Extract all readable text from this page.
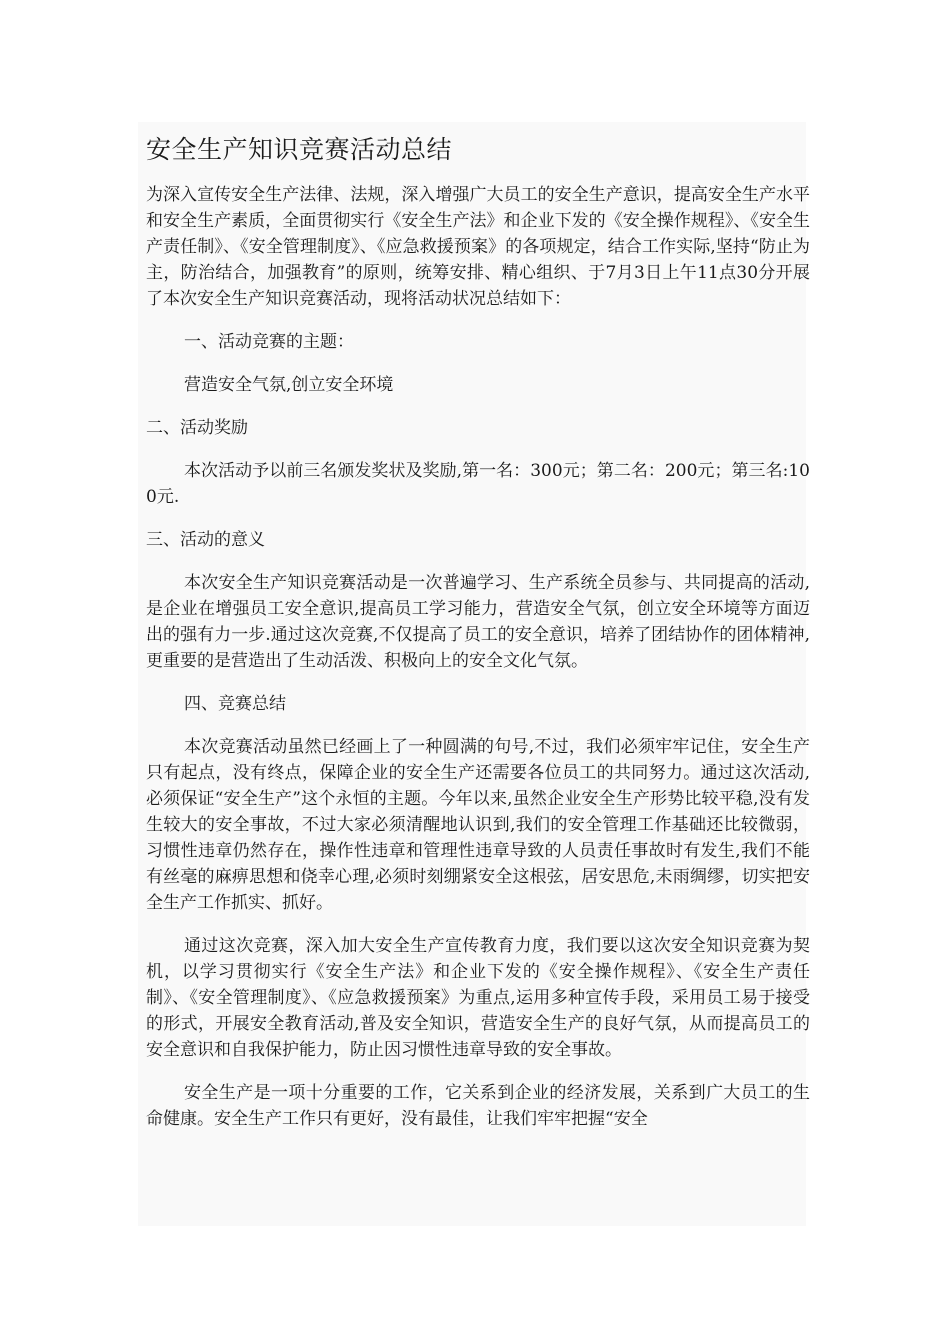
安全生产知识竞赛活动总结

为深入宣传安全生产法律、法规，深入增强广大员工的安全生产意识，提高安全生产水平和安全生产素质，全面贯彻实行《安全生产法》和企业下发的《安全操作规程》、《安全生产责任制》、《安全管理制度》、《应急救援预案》的各项规定，结合工作实际,坚持“防止为主，防治结合，加强教育”的原则，统筹安排、精心组织、于7月3日上午11点30分开展了本次安全生产知识竞赛活动，现将活动状况总结如下：

一、活动竞赛的主题：

营造安全气氛,创立安全环境

二、活动奖励

本次活动予以前三名颁发奖状及奖励,第一名：300元；第二名：200元；第三名:100元.

三、活动的意义

本次安全生产知识竞赛活动是一次普遍学习、生产系统全员参与、共同提高的活动,是企业在增强员工安全意识,提高员工学习能力，营造安全气氛，创立安全环境等方面迈出的强有力一步.通过这次竞赛,不仅提高了员工的安全意识，培养了团结协作的团体精神,更重要的是营造出了生动活泼、积极向上的安全文化气氛。

四、竞赛总结

本次竞赛活动虽然已经画上了一种圆满的句号,不过，我们必须牢牢记住，安全生产只有起点，没有终点，保障企业的安全生产还需要各位员工的共同努力。通过这次活动,必须保证“安全生产”这个永恒的主题。今年以来,虽然企业安全生产形势比较平稳,没有发生较大的安全事故，不过大家必须清醒地认识到,我们的安全管理工作基础还比较微弱，习惯性违章仍然存在，操作性违章和管理性违章导致的人员责任事故时有发生,我们不能有丝毫的麻痹思想和侥幸心理,必须时刻绷紧安全这根弦，居安思危,未雨绸缪，切实把安全生产工作抓实、抓好。

通过这次竞赛，深入加大安全生产宣传教育力度，我们要以这次安全知识竞赛为契机，以学习贯彻实行《安全生产法》和企业下发的《安全操作规程》、《安全生产责任制》、《安全管理制度》、《应急救援预案》为重点,运用多种宣传手段，采用员工易于接受的形式，开展安全教育活动,普及安全知识，营造安全生产的良好气氛，从而提高员工的安全意识和自我保护能力，防止因习惯性违章导致的安全事故。

安全生产是一项十分重要的工作，它关系到企业的经济发展，关系到广大员工的生命健康。安全生产工作只有更好，没有最佳，让我们牢牢把握“安全
